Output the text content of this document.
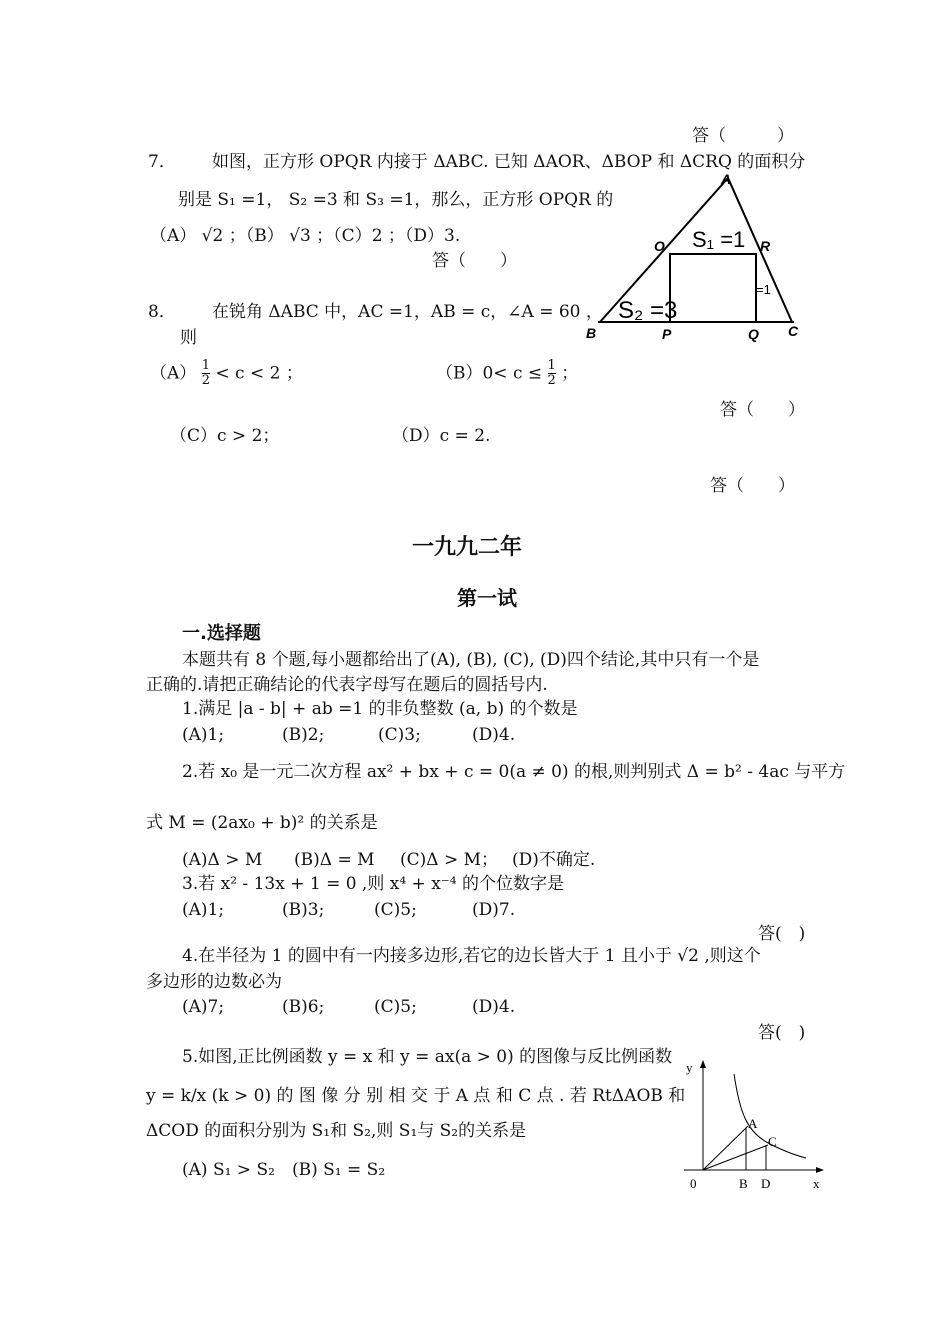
答（　　　）
7． 如图，正方形 OPQR 内接于 ΔABC. 已知 ΔAOR、ΔBOP 和 ΔCRQ 的面积分
别是 S₁ =1， S₂ =3 和 S₃ =1，那么，正方形 OPQR 的
（A） √2 ；（B） √3 ；（C）2 ；（D）3.
答（　　）
A
O	R
B	P	Q C
S₁ =1
S₂ =3
=1
8． 在锐角 ΔABC 中，AC =1，AB = c，∠A = 60 ，
则
$(A) \frac{1}{2} < c < 2$ ；	$(B)0< c \le \frac{1}{2}$ ；
答（　　）
（C）c > 2；	（D）c = 2.
答（　　）
一九九二年
第一试
一.选择题
本题共有 8 个题,每小题都给出了(A), (B), (C), (D)四个结论,其中只有一个是
正确的.请把正确结论的代表字母写在题后的圆括号内.
1.满足 |a - b| + ab =1 的非负整数 (a, b) 的个数是
(A)1;	(B)2;	(C)3;	(D)4.
2.若 x₀ 是一元二次方程 ax² + bx + c = 0(a ≠ 0) 的根,则判别式 Δ = b² - 4ac 与平方
式 M = (2ax₀ + b)² 的关系是
(A)Δ > M (B)Δ = M (C)Δ > M； (D)不确定.
3.若 x² - 13x + 1 = 0 ,则 x⁴ + x⁻⁴ 的个位数字是
(A)1;	(B)3;	(C)5;	(D)7.
答(　)
4.在半径为 1 的圆中有一内接多边形,若它的边长皆大于 1 且小于 √2 ,则这个
多边形的边数必为
(A)7;	(B)6;	(C)5;	(D)4.
答(　)
5.如图,正比例函数 y = x 和 y = ax(a > 0) 的图像与反比例函数
y = k/x (k > 0) 的 图 像 分 别 相 交 于 A 点 和 C 点 . 若 RtΔAOB 和
ΔCOD 的面积分别为 S₁和 S₂,则 S₁与 S₂的关系是
(A) S₁ > S₂ (B) S₁ = S₂
y
x
0
A
C
B D
